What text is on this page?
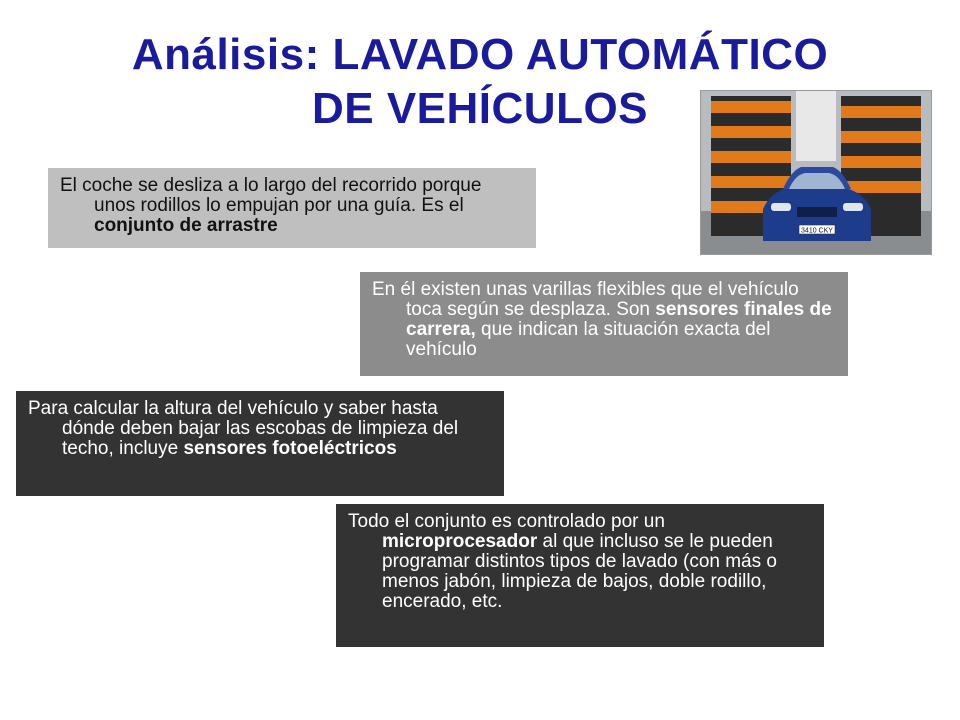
Análisis: LAVADO AUTOMÁTICO
DE VEHÍCULOS
3410 CKY

El coche se desliza a lo largo del recorrido porque unos rodillos lo empujan por una guía. Es el conjunto de arrastre

En él existen unas varillas flexibles que el vehículo toca según se desplaza. Son sensores finales de carrera, que indican la situación exacta del vehículo

Para calcular la altura del vehículo y saber hasta dónde deben bajar las escobas de limpieza del techo, incluye sensores fotoeléctricos

Todo el conjunto es controlado por un microprocesador al que incluso se le pueden programar distintos tipos de lavado (con más o menos jabón, limpieza de bajos, doble rodillo, encerado, etc.
